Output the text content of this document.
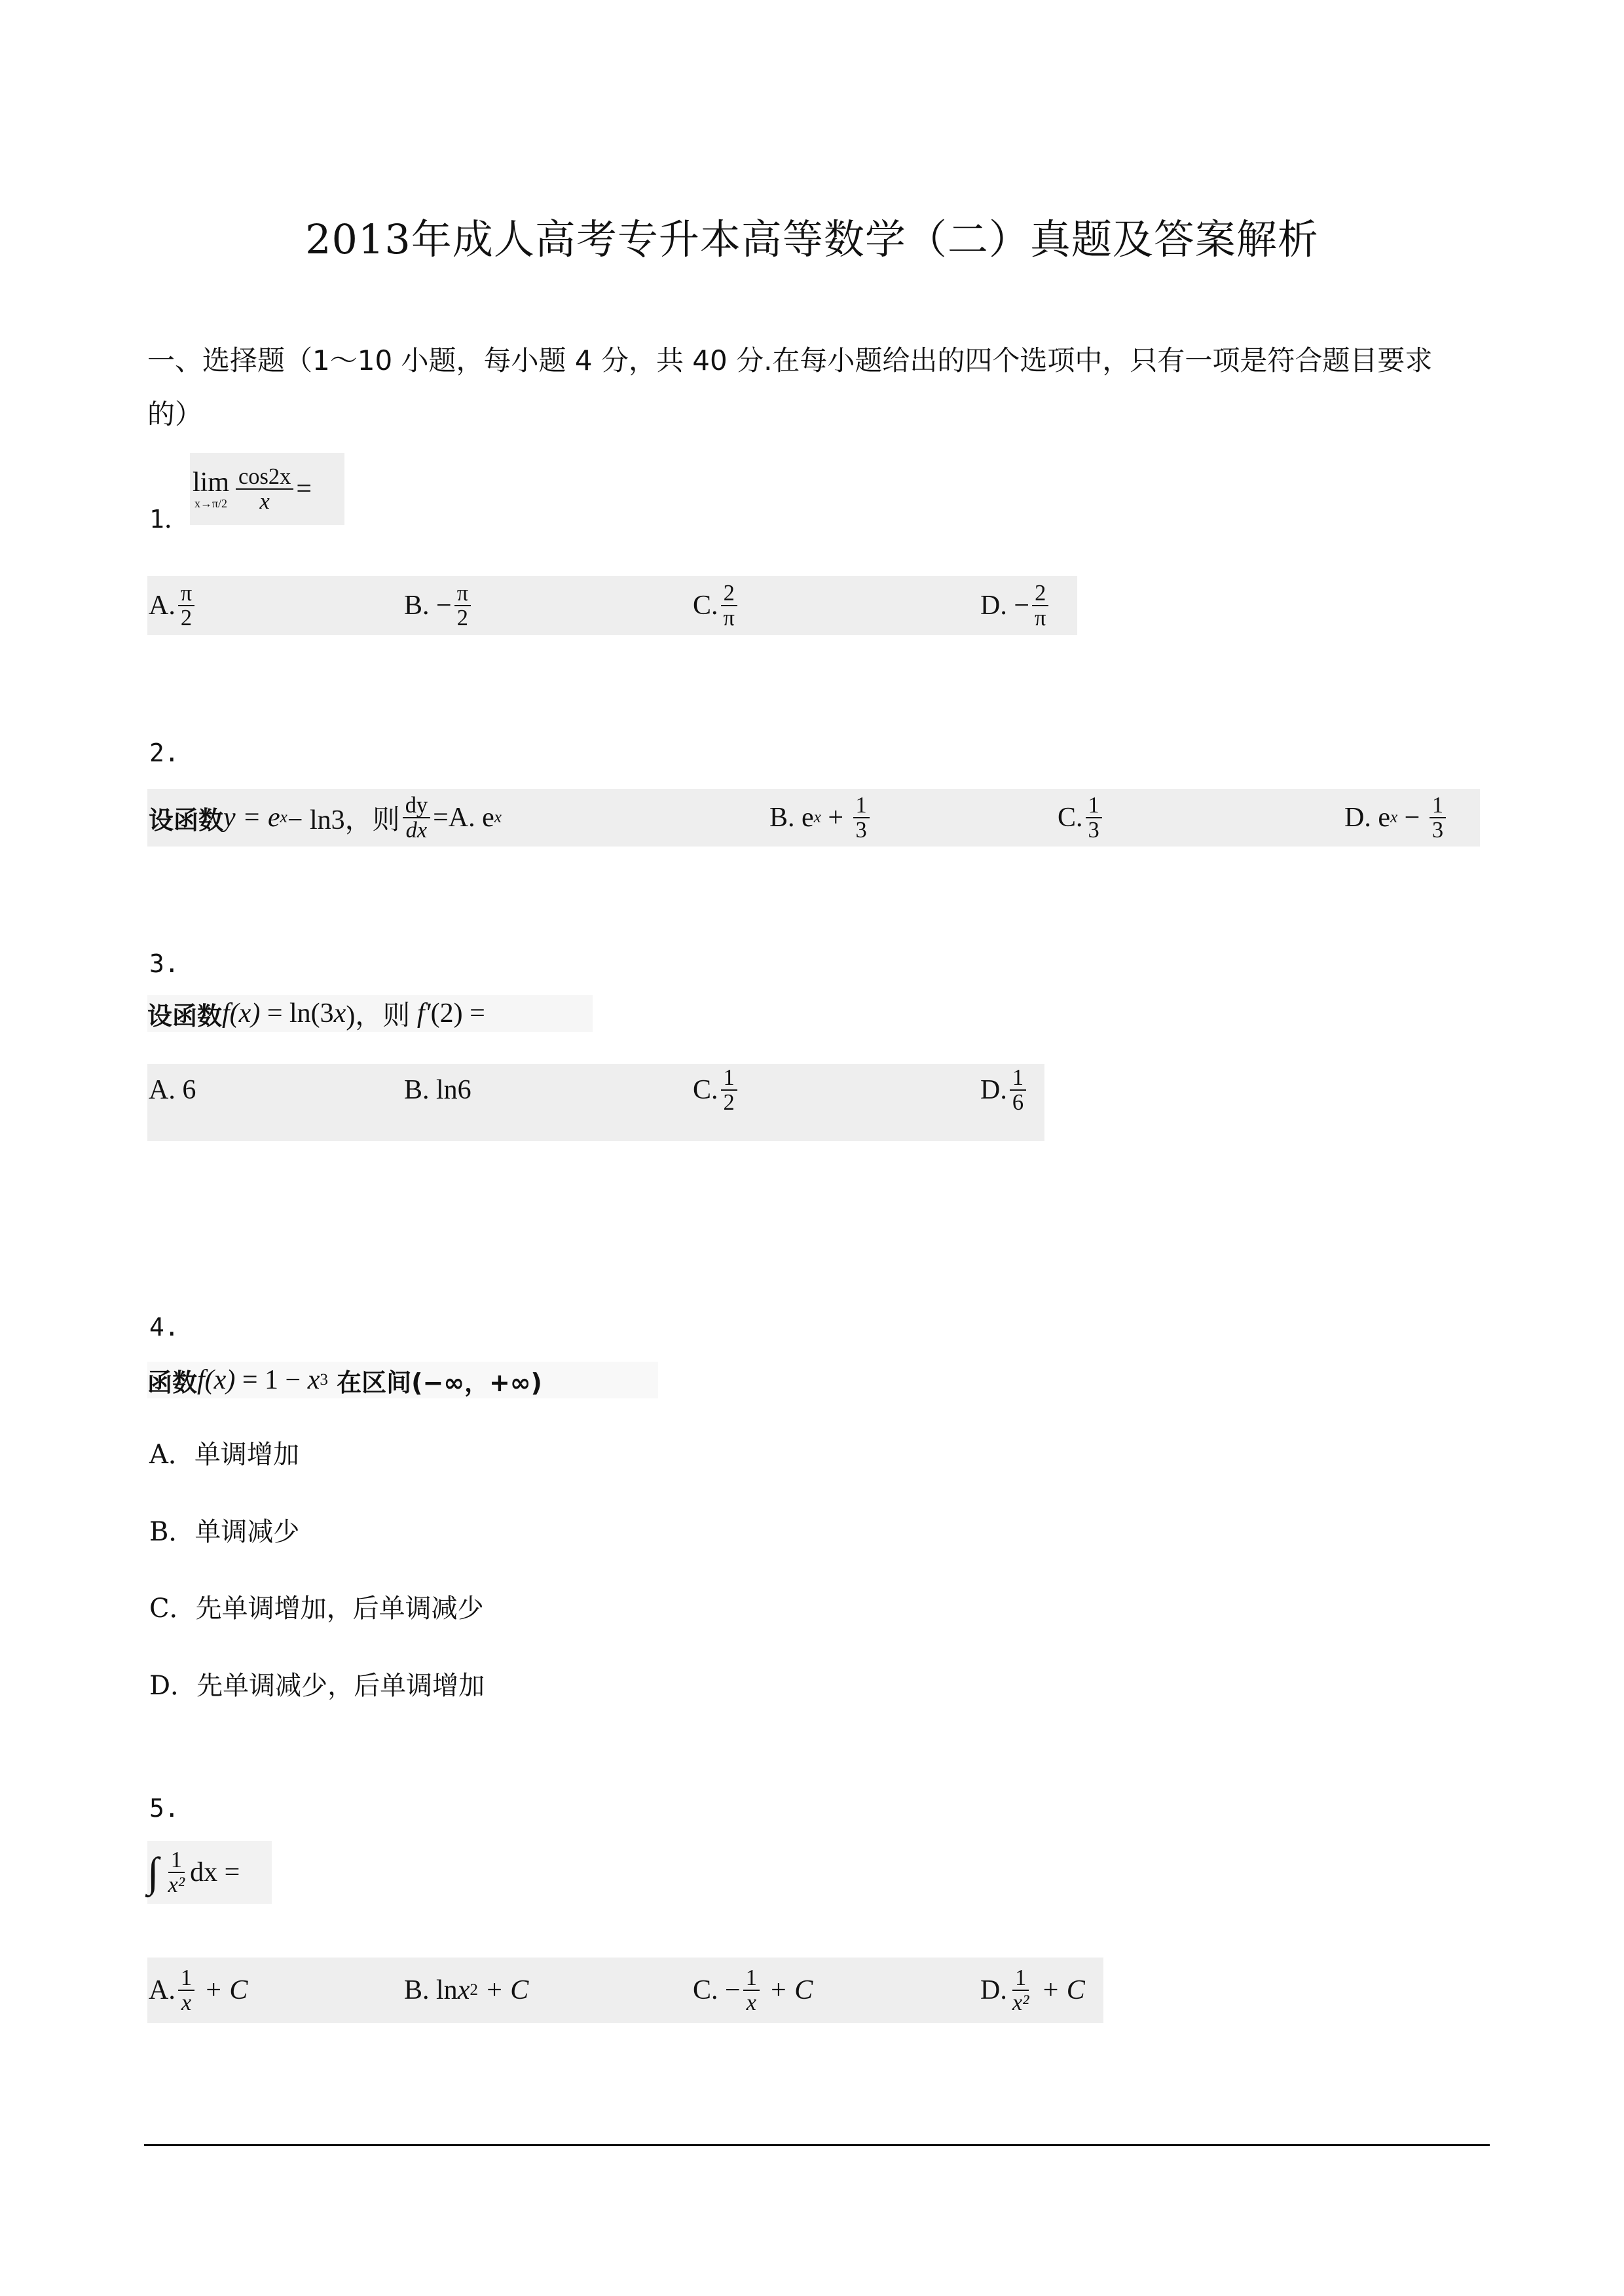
2013年成人高考专升本高等数学（二）真题及答案解析
一、选择题（1～10 小题，每小题 4 分，共 40 分.在每小题给出的四个选项中，只有一项是符合题目要求
的）
lim
$x\to\pi/2 \frac{\cos 2x}{x}$ =
1．
A. $\frac{\pi}{2}$	B. − $\frac{\pi}{2}$	C. $\frac{2}{\pi}$	D. − $\frac{2}{\pi}$
2.
设函数 y = e x − ln3，则 $\frac{dy}{dx} =A$. e x	B. e $x + \frac{1}{3}$	C. $\frac{1}{3}$	D. e $x - \frac{1}{3}$
3.
设函数 f(x) = ln(3 x )，则 f′ (2) =
A. 6	B. ln6	C. $\frac{1}{2}$	D. $\frac{1}{6}$
4.
函数 f(x) = 1 − x 3 在区间(−∞，+∞)
A．单调增加
B．单调减少
C．先单调增加，后单调减少
D．先单调减少，后单调增加
5.
∫ $\frac{1}{\text{x²}}$ dx =
A. $\frac{1}{x} + C$	B. ln x 2 + C	C. − $\frac{1}{x} + C$	D. $\frac{1}{\text{x²}} + C$
